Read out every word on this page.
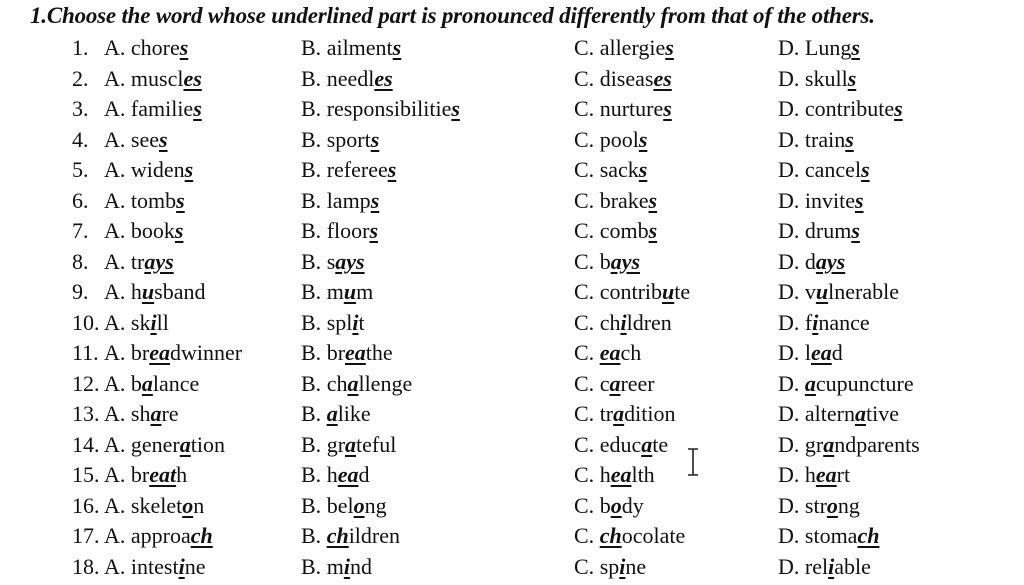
1.Choose the word whose underlined part is pronounced differently from that of the others.
1. A. chores	B. ailments	C. allergies	D. Lungs
2. A. muscles	B. needles	C. diseases	D. skulls
3. A. families	B. responsibilities	C. nurtures	D. contributes
4. A. sees	B. sports	C. pools	D. trains
5. A. widens	B. referees	C. sacks	D. cancels
6. A. tombs	B. lamps	C. brakes	D. invites
7. A. books	B. floors	C. combs	D. drums
8. A. trays	B. says	C. bays	D. days
9. A. husband	B. mum	C. contribute	D. vulnerable
10. A. skill	B. split	C. children	D. finance
11. A. breadwinner	B. breathe	C. each	D. lead
12. A. balance	B. challenge	C. career	D. acupuncture
13. A. share	B. alike	C. tradition	D. alternative
14. A. generation	B. grateful	C. educate	D. grandparents
15. A. breath	B. head	C. health	D. heart
16. A. skeleton	B. belong	C. body	D. strong
17. A. approach	B. children	C. chocolate	D. stomach
18. A. intestine	B. mind	C. spine	D. reliable
